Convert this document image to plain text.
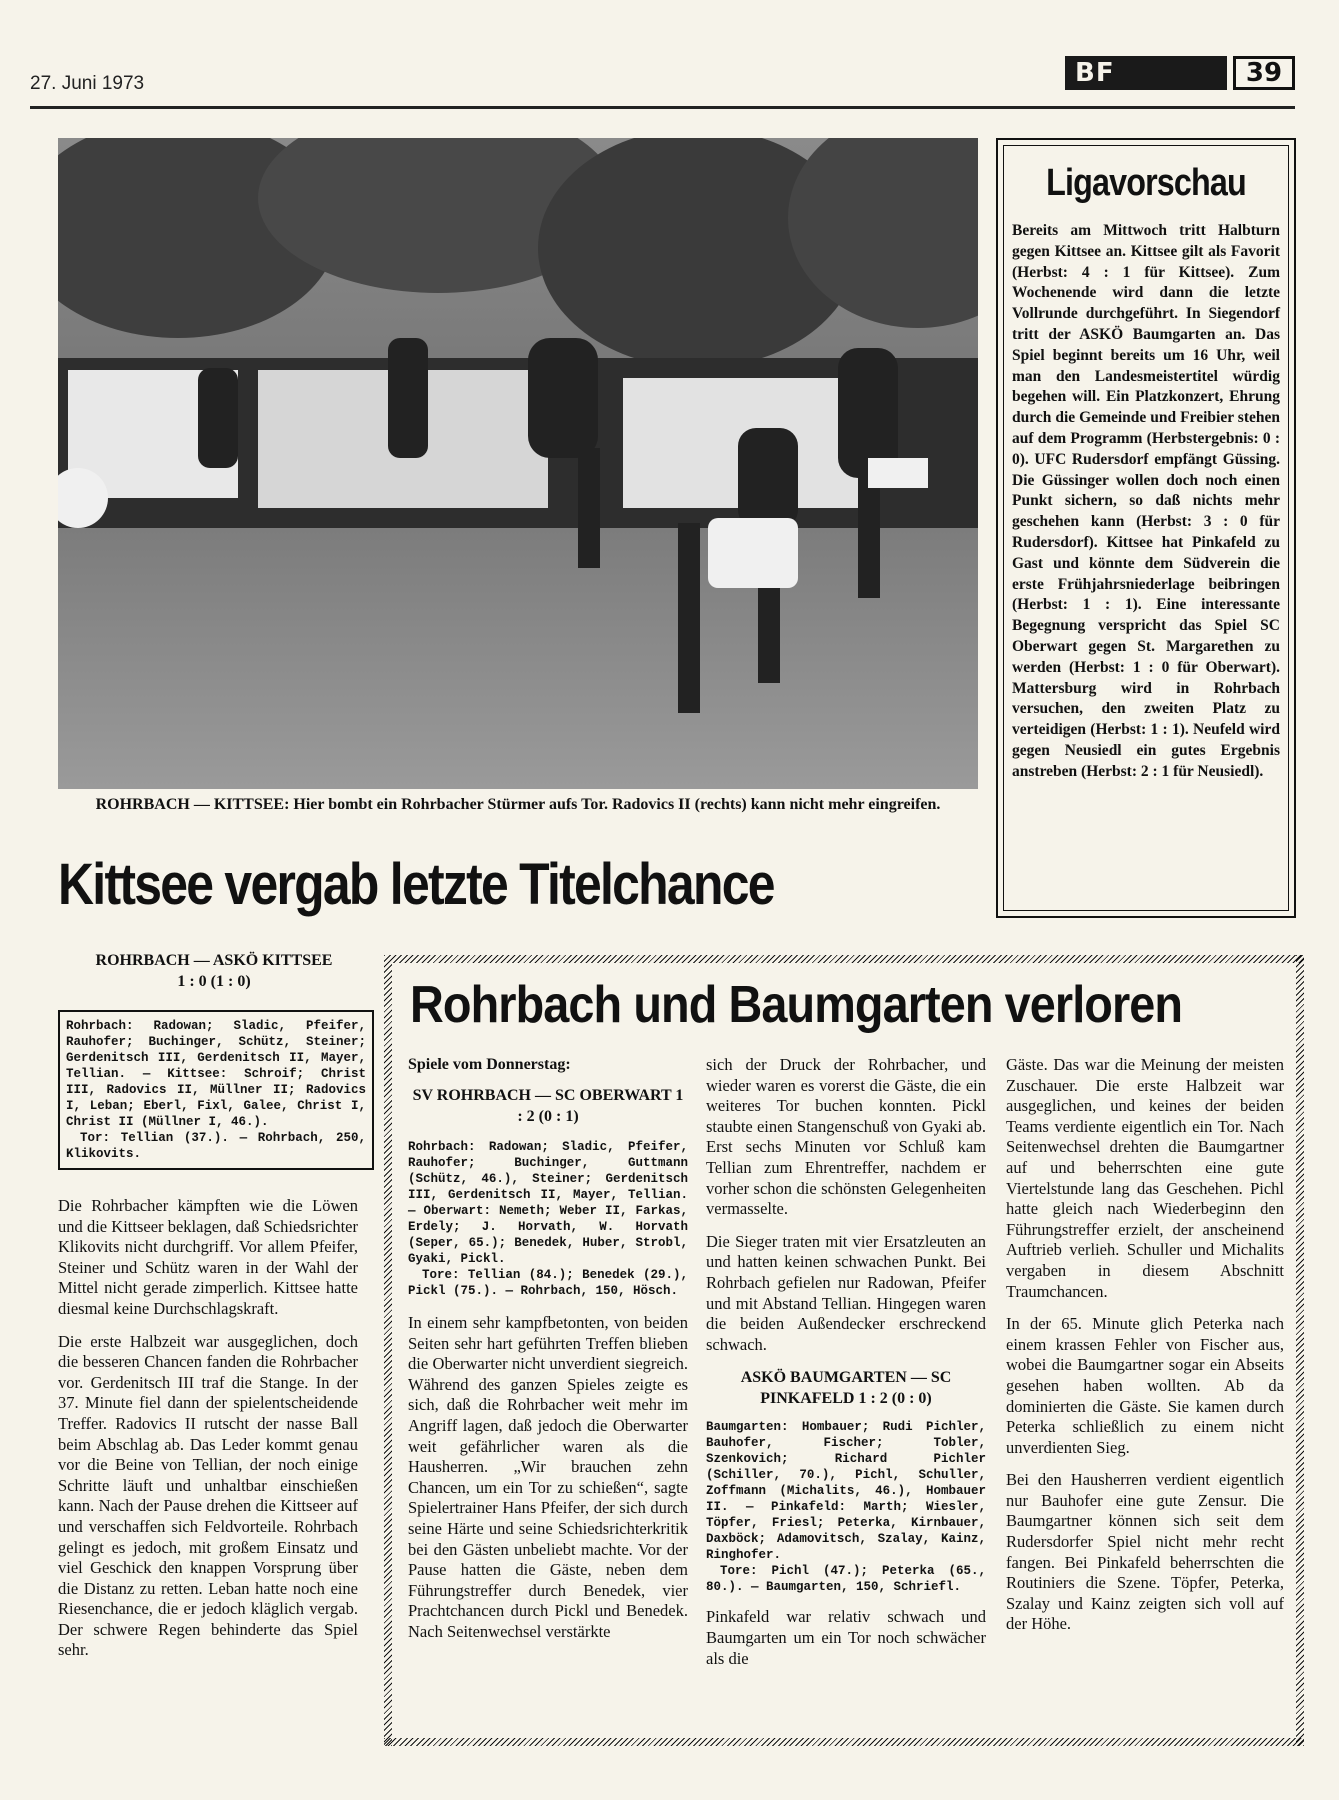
27. Juni 1973	BF	39
ROHRBACH — KITTSEE: Hier bombt ein Rohrbacher Stürmer aufs Tor. Radovics II (rechts) kann nicht mehr eingreifen.
Kittsee vergab letzte Titelchance
Ligavorschau
Bereits am Mittwoch tritt Halbturn gegen Kittsee an. Kittsee gilt als Favorit (Herbst: 4 : 1 für Kittsee). Zum Wochenende wird dann die letzte Vollrunde durchgeführt. In Siegendorf tritt der ASKÖ Baumgarten an. Das Spiel beginnt bereits um 16 Uhr, weil man den Landesmeistertitel würdig begehen will. Ein Platzkonzert, Ehrung durch die Gemeinde und Freibier stehen auf dem Programm (Herbstergebnis: 0 : 0). UFC Rudersdorf empfängt Güssing. Die Güssinger wollen doch noch einen Punkt sichern, so daß nichts mehr geschehen kann (Herbst: 3 : 0 für Rudersdorf). Kittsee hat Pinkafeld zu Gast und könnte dem Südverein die erste Frühjahrsniederlage beibringen (Herbst: 1 : 1). Eine interessante Begegnung verspricht das Spiel SC Oberwart gegen St. Margarethen zu werden (Herbst: 1 : 0 für Oberwart). Mattersburg wird in Rohrbach versuchen, den zweiten Platz zu verteidigen (Herbst: 1 : 1). Neufeld wird gegen Neusiedl ein gutes Ergebnis anstreben (Herbst: 2 : 1 für Neusiedl).
ROHRBACH — ASKÖ KITTSEE
1 : 0 (1 : 0)

Rohrbach: Radowan; Sladic, Pfeifer, Rauhofer; Buchinger, Schütz, Steiner; Gerdenitsch III, Gerdenitsch II, Mayer, Tellian. — Kittsee: Schroif; Christ III, Radovics II, Müllner II; Radovics I, Leban; Eberl, Fixl, Galee, Christ I, Christ II (Müllner I, 46.).

Tor: Tellian (37.). — Rohrbach, 250, Klikovits.

Die Rohrbacher kämpften wie die Löwen und die Kittseer beklagen, daß Schiedsrichter Klikovits nicht durchgriff. Vor allem Pfeifer, Steiner und Schütz waren in der Wahl der Mittel nicht gerade zimperlich. Kittsee hatte diesmal keine Durchschlagskraft.

Die erste Halbzeit war ausgeglichen, doch die besseren Chancen fanden die Rohrbacher vor. Gerdenitsch III traf die Stange. In der 37. Minute fiel dann der spielentscheidende Treffer. Radovics II rutscht der nasse Ball beim Abschlag ab. Das Leder kommt genau vor die Beine von Tellian, der noch einige Schritte läuft und unhaltbar einschießen kann. Nach der Pause drehen die Kittseer auf und verschaffen sich Feldvorteile. Rohrbach gelingt es jedoch, mit großem Einsatz und viel Geschick den knappen Vorsprung über die Distanz zu retten. Leban hatte noch eine Riesenchance, die er jedoch kläglich vergab. Der schwere Regen behinderte das Spiel sehr.

Rohrbach und Baumgarten verloren
Spiele vom Donnerstag:
SV ROHRBACH — SC OBERWART 1 : 2 (0 : 1)

Rohrbach: Radowan; Sladic, Pfeifer, Rauhofer; Buchinger, Guttmann (Schütz, 46.), Steiner; Gerdenitsch III, Gerdenitsch II, Mayer, Tellian. — Oberwart: Nemeth; Weber II, Farkas, Erdely; J. Horvath, W. Horvath (Seper, 65.); Benedek, Huber, Strobl, Gyaki, Pickl.

Tore: Tellian (84.); Benedek (29.), Pickl (75.). — Rohrbach, 150, Hösch.

In einem sehr kampfbetonten, von beiden Seiten sehr hart geführten Treffen blieben die Oberwarter nicht unverdient siegreich. Während des ganzen Spieles zeigte es sich, daß die Rohrbacher weit mehr im Angriff lagen, daß jedoch die Oberwarter weit gefährlicher waren als die Hausherren. „Wir brauchen zehn Chancen, um ein Tor zu schießen“, sagte Spielertrainer Hans Pfeifer, der sich durch seine Härte und seine Schiedsrichterkritik bei den Gästen unbeliebt machte. Vor der Pause hatten die Gäste, neben dem Führungstreffer durch Benedek, vier Prachtchancen durch Pickl und Benedek. Nach Seitenwechsel verstärkte

sich der Druck der Rohrbacher, und wieder waren es vorerst die Gäste, die ein weiteres Tor buchen konnten. Pickl staubte einen Stangenschuß von Gyaki ab. Erst sechs Minuten vor Schluß kam Tellian zum Ehrentreffer, nachdem er vorher schon die schönsten Gelegenheiten vermasselte.

Die Sieger traten mit vier Ersatzleuten an und hatten keinen schwachen Punkt. Bei Rohrbach gefielen nur Radowan, Pfeifer und mit Abstand Tellian. Hingegen waren die beiden Außendecker erschreckend schwach.

ASKÖ BAUMGARTEN — SC PINKAFELD 1 : 2 (0 : 0)

Baumgarten: Hombauer; Rudi Pichler, Bauhofer, Fischer; Tobler, Szenkovich; Richard Pichler (Schiller, 70.), Pichl, Schuller, Zoffmann (Michalits, 46.), Hombauer II. — Pinkafeld: Marth; Wiesler, Töpfer, Friesl; Peterka, Kirnbauer, Daxböck; Adamovitsch, Szalay, Kainz, Ringhofer.

Tore: Pichl (47.); Peterka (65., 80.). — Baumgarten, 150, Schriefl.

Pinkafeld war relativ schwach und Baumgarten um ein Tor noch schwächer als die

Gäste. Das war die Meinung der meisten Zuschauer. Die erste Halbzeit war ausgeglichen, und keines der beiden Teams verdiente eigentlich ein Tor. Nach Seitenwechsel drehten die Baumgartner auf und beherrschten eine gute Viertelstunde lang das Geschehen. Pichl hatte gleich nach Wiederbeginn den Führungstreffer erzielt, der anscheinend Auftrieb verlieh. Schuller und Michalits vergaben in diesem Abschnitt Traumchancen.

In der 65. Minute glich Peterka nach einem krassen Fehler von Fischer aus, wobei die Baumgartner sogar ein Abseits gesehen haben wollten. Ab da dominierten die Gäste. Sie kamen durch Peterka schließlich zu einem nicht unverdienten Sieg.

Bei den Hausherren verdient eigentlich nur Bauhofer eine gute Zensur. Die Baumgartner können sich seit dem Rudersdorfer Spiel nicht mehr recht fangen. Bei Pinkafeld beherrschten die Routiniers die Szene. Töpfer, Peterka, Szalay und Kainz zeigten sich voll auf der Höhe.
